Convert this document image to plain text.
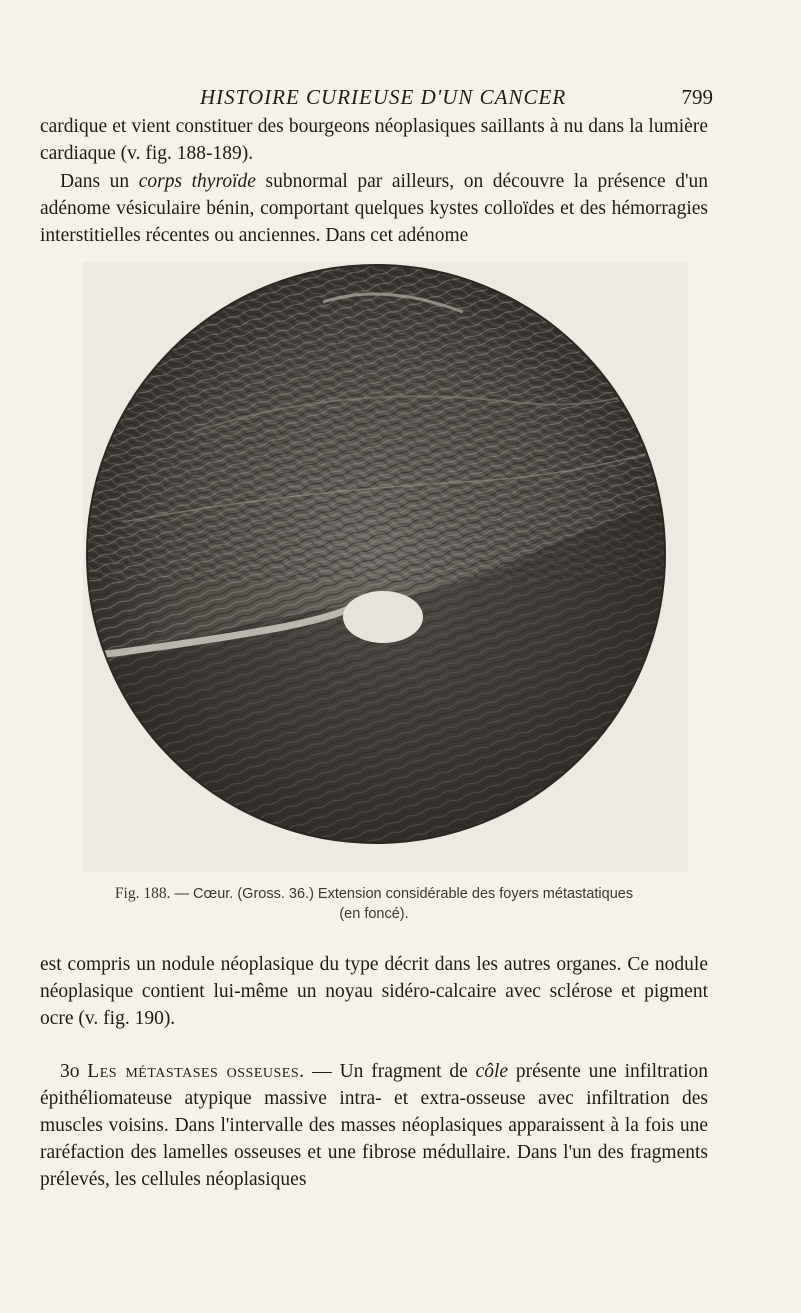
HISTOIRE CURIEUSE D'UN CANCER	799

cardique et vient constituer des bourgeons néoplasiques saillants à nu dans la lumière cardiaque (v. fig. 188-189).

Dans un corps thyroïde subnormal par ailleurs, on découvre la présence d'un adénome vésiculaire bénin, comportant quelques kystes colloïdes et des hémorragies interstitielles récentes ou anciennes. Dans cet adénome

Fig. 188. — Cœur. (Gross. 36.) Extension considérable des foyers métastatiques
(en foncé).

est compris un nodule néoplasique du type décrit dans les autres organes. Ce nodule néoplasique contient lui-même un noyau sidéro-calcaire avec sclérose et pigment ocre (v. fig. 190).

3o Les métastases osseuses. — Un fragment de côle présente une infiltration épithéliomateuse atypique massive intra- et extra-osseuse avec infiltration des muscles voisins. Dans l'intervalle des masses néoplasiques apparaissent à la fois une raréfaction des lamelles osseuses et une fibrose médullaire. Dans l'un des fragments prélevés, les cellules néoplasiques
